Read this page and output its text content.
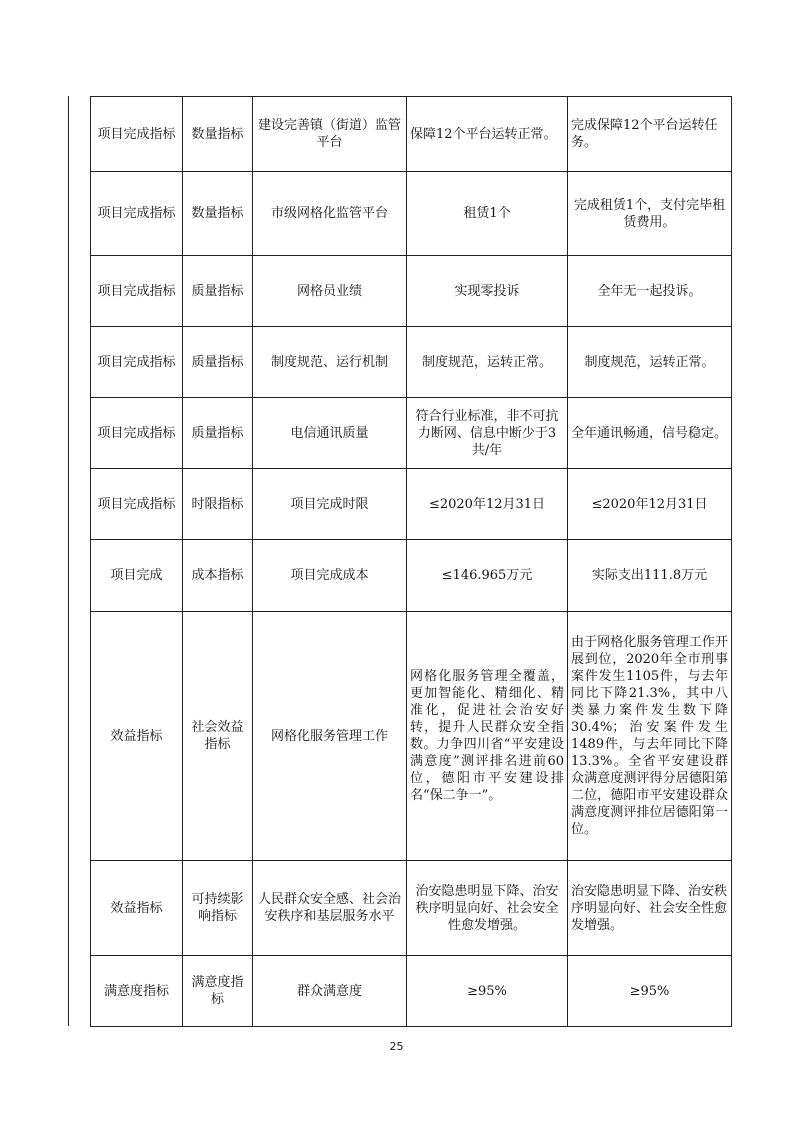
项目完成指标	数量指标	建设完善镇（街道）监管平台	保障12个平台运转正常。	完成保障12个平台运转任务。
项目完成指标	数量指标	市级网格化监管平台	租赁1个	完成租赁1个，支付完毕租赁费用。
项目完成指标	质量指标	网格员业绩	实现零投诉	全年无一起投诉。
项目完成指标	质量指标	制度规范、运行机制	制度规范，运转正常。	制度规范，运转正常。
项目完成指标	质量指标	电信通讯质量	符合行业标准，非不可抗力断网、信息中断少于3共/年	全年通讯畅通，信号稳定。
项目完成指标	时限指标	项目完成时限	≤2020年12月31日	≤2020年12月31日
项目完成	成本指标	项目完成成本	≤146.965万元	实际支出111.8万元
效益指标	社会效益指标	网格化服务管理工作	网格化服务管理全覆盖，更加智能化、精细化、精准化，促进社会治安好转，提升人民群众安全指数。力争四川省“平安建设满意度”测评排名进前60位，德阳市平安建设排名“保二争一”。	由于网格化服务管理工作开展到位，2020年全市刑事案件发生1105件，与去年同比下降21.3%，其中八类暴力案件发生数下降30.4%；治安案件发生1489件，与去年同比下降13.3%。全省平安建设群众满意度测评得分居德阳第二位，德阳市平安建设群众满意度测评排位居德阳第一位。
效益指标	可持续影响指标	人民群众安全感、社会治安秩序和基层服务水平	治安隐患明显下降、治安秩序明显向好、社会安全性愈发增强。	治安隐患明显下降、治安秩序明显向好、社会安全性愈发增强。
满意度指标	满意度指标	群众满意度	≥95%	≥95%
25
